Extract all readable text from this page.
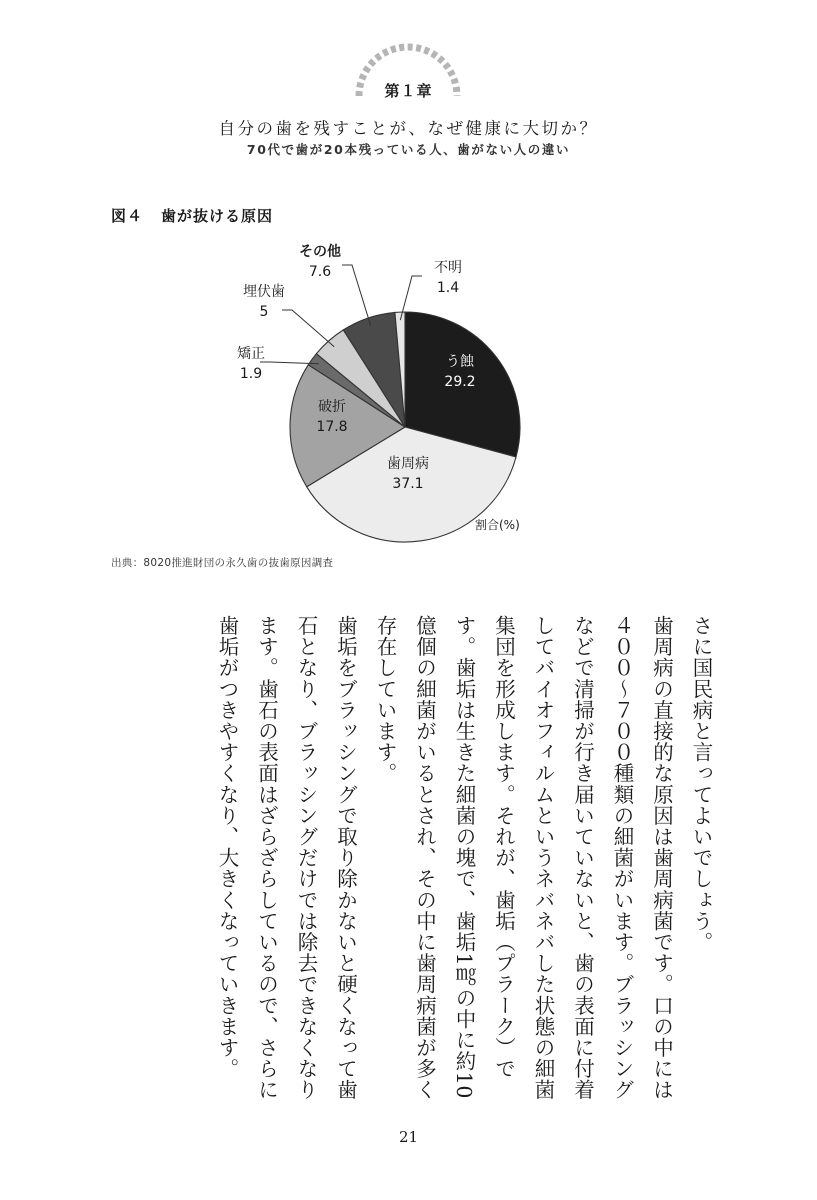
第１章
自分の歯を残すことが、なぜ健康に大切か？
70代で歯が20本残っている人、歯がない人の違い
図４ 歯が抜ける原因
う蝕
29.2
歯周病
37.1
破折
17.8
矯正
1.9
埋伏歯
5
その他
7.6	不明
1.4
割合(%)
出典：8020推進財団の永久歯の抜歯原因調査

さに国民病と言ってよいでしょう。

歯周病の直接的な原因は歯周病菌です。口の中には４００〜７００種類の細菌がいます。ブラッシングなどで清掃が行き届いていないと、歯の表面に付着してバイオフィルムというネバネバした状態の細菌集団を形成します。それが、歯垢（プラーク）です。歯垢は生きた細菌の塊で、歯垢1㎎の中に約10億個の細菌がいるとされ、その中に歯周病菌が多く存在しています。

歯垢をブラッシングで取り除かないと硬くなって歯石となり、ブラッシングだけでは除去できなくなります。歯石の表面はざらざらしているので、さらに歯垢がつきやすくなり、大きくなっていきます。

21
